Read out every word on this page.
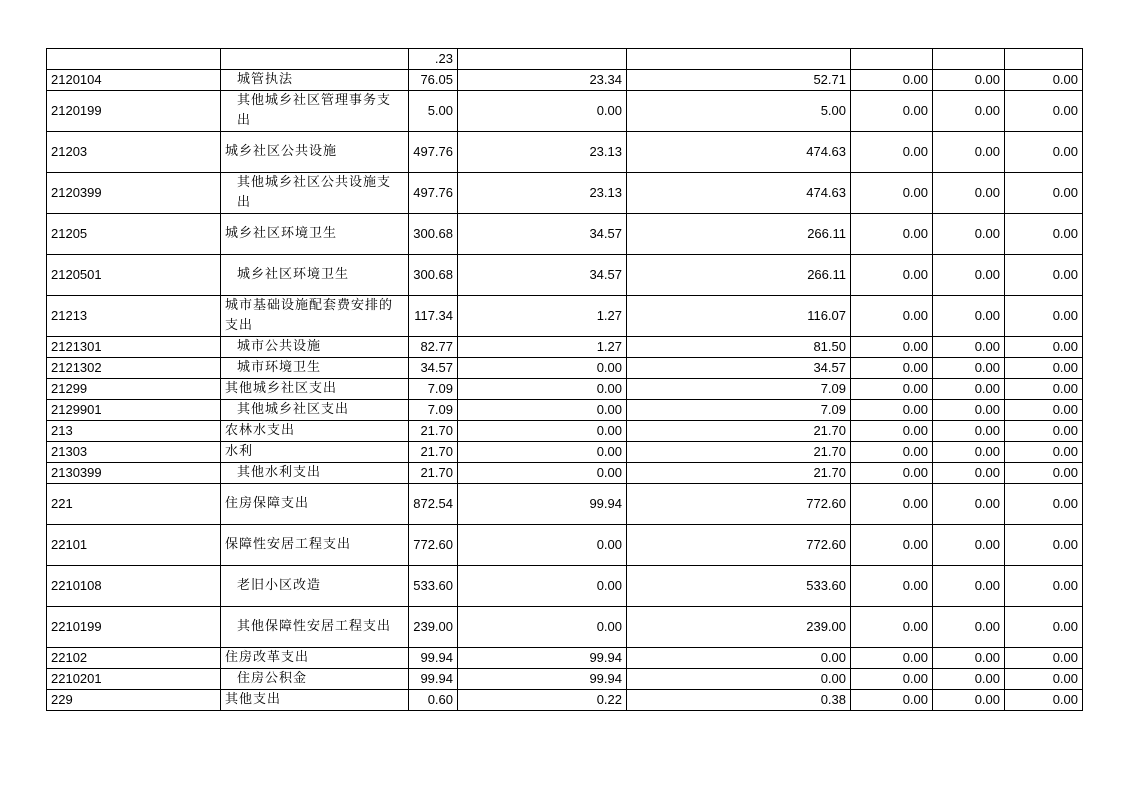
		.23					
2120104	城管执法	76.05	23.34	52.71	0.00	0.00	0.00
2120199	其他城乡社区管理事务支出	5.00	0.00	5.00	0.00	0.00	0.00
21203	城乡社区公共设施	497.76	23.13	474.63	0.00	0.00	0.00
2120399	其他城乡社区公共设施支出	497.76	23.13	474.63	0.00	0.00	0.00
21205	城乡社区环境卫生	300.68	34.57	266.11	0.00	0.00	0.00
2120501	城乡社区环境卫生	300.68	34.57	266.11	0.00	0.00	0.00
21213	城市基础设施配套费安排的支出	117.34	1.27	116.07	0.00	0.00	0.00
2121301	城市公共设施	82.77	1.27	81.50	0.00	0.00	0.00
2121302	城市环境卫生	34.57	0.00	34.57	0.00	0.00	0.00
21299	其他城乡社区支出	7.09	0.00	7.09	0.00	0.00	0.00
2129901	其他城乡社区支出	7.09	0.00	7.09	0.00	0.00	0.00
213	农林水支出	21.70	0.00	21.70	0.00	0.00	0.00
21303	水利	21.70	0.00	21.70	0.00	0.00	0.00
2130399	其他水利支出	21.70	0.00	21.70	0.00	0.00	0.00
221	住房保障支出	872.54	99.94	772.60	0.00	0.00	0.00
22101	保障性安居工程支出	772.60	0.00	772.60	0.00	0.00	0.00
2210108	老旧小区改造	533.60	0.00	533.60	0.00	0.00	0.00
2210199	其他保障性安居工程支出	239.00	0.00	239.00	0.00	0.00	0.00
22102	住房改革支出	99.94	99.94	0.00	0.00	0.00	0.00
2210201	住房公积金	99.94	99.94	0.00	0.00	0.00	0.00
229	其他支出	0.60	0.22	0.38	0.00	0.00	0.00
